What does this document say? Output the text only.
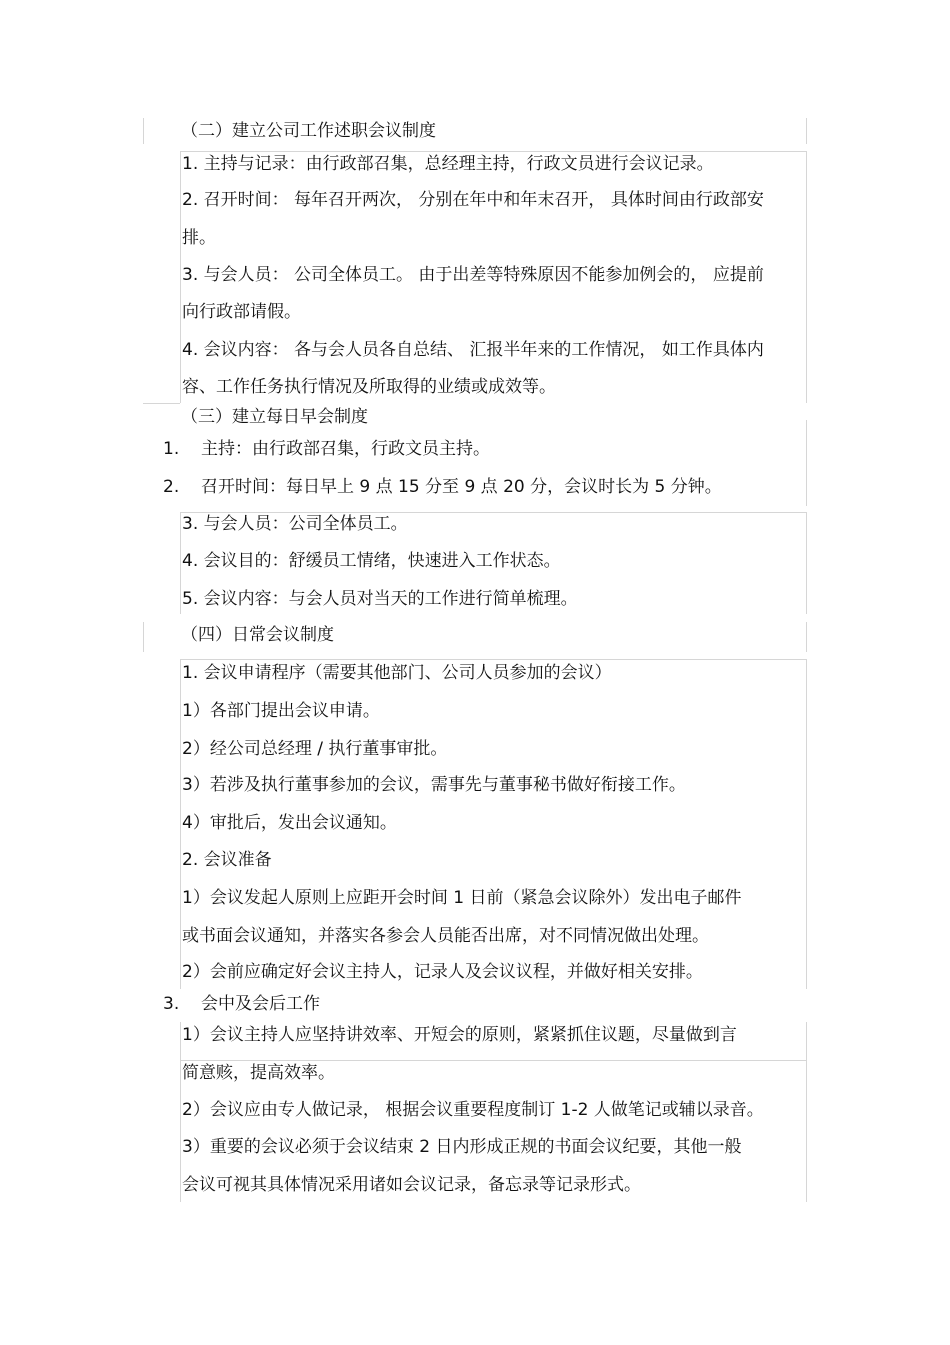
（二）建立公司工作述职会议制度
1. 主持与记录：由行政部召集，总经理主持，行政文员进行会议记录。
2. 召开时间： 每年召开两次， 分别在年中和年末召开， 具体时间由行政部安
排。
3. 与会人员： 公司全体员工。 由于出差等特殊原因不能参加例会的， 应提前
向行政部请假。
4. 会议内容： 各与会人员各自总结、 汇报半年来的工作情况， 如工作具体内
容、工作任务执行情况及所取得的业绩或成效等。
（三）建立每日早会制度
1. 主持：由行政部召集，行政文员主持。
2. 召开时间：每日早上 9 点 15 分至 9 点 20 分，会议时长为 5 分钟。
3. 与会人员：公司全体员工。
4. 会议目的：舒缓员工情绪，快速进入工作状态。
5. 会议内容：与会人员对当天的工作进行简单梳理。
（四）日常会议制度
1. 会议申请程序（需要其他部门、公司人员参加的会议）
1）各部门提出会议申请。
2）经公司总经理 / 执行董事审批。
3）若涉及执行董事参加的会议，需事先与董事秘书做好衔接工作。
4）审批后，发出会议通知。
2. 会议准备
1）会议发起人原则上应距开会时间 1 日前（紧急会议除外）发出电子邮件
或书面会议通知，并落实各参会人员能否出席，对不同情况做出处理。
2）会前应确定好会议主持人，记录人及会议议程，并做好相关安排。
3. 会中及会后工作
1）会议主持人应坚持讲效率、开短会的原则，紧紧抓住议题，尽量做到言
简意赅，提高效率。
2）会议应由专人做记录， 根据会议重要程度制订 1-2 人做笔记或辅以录音。
3）重要的会议必须于会议结束 2 日内形成正规的书面会议纪要，其他一般
会议可视其具体情况采用诸如会议记录，备忘录等记录形式。
